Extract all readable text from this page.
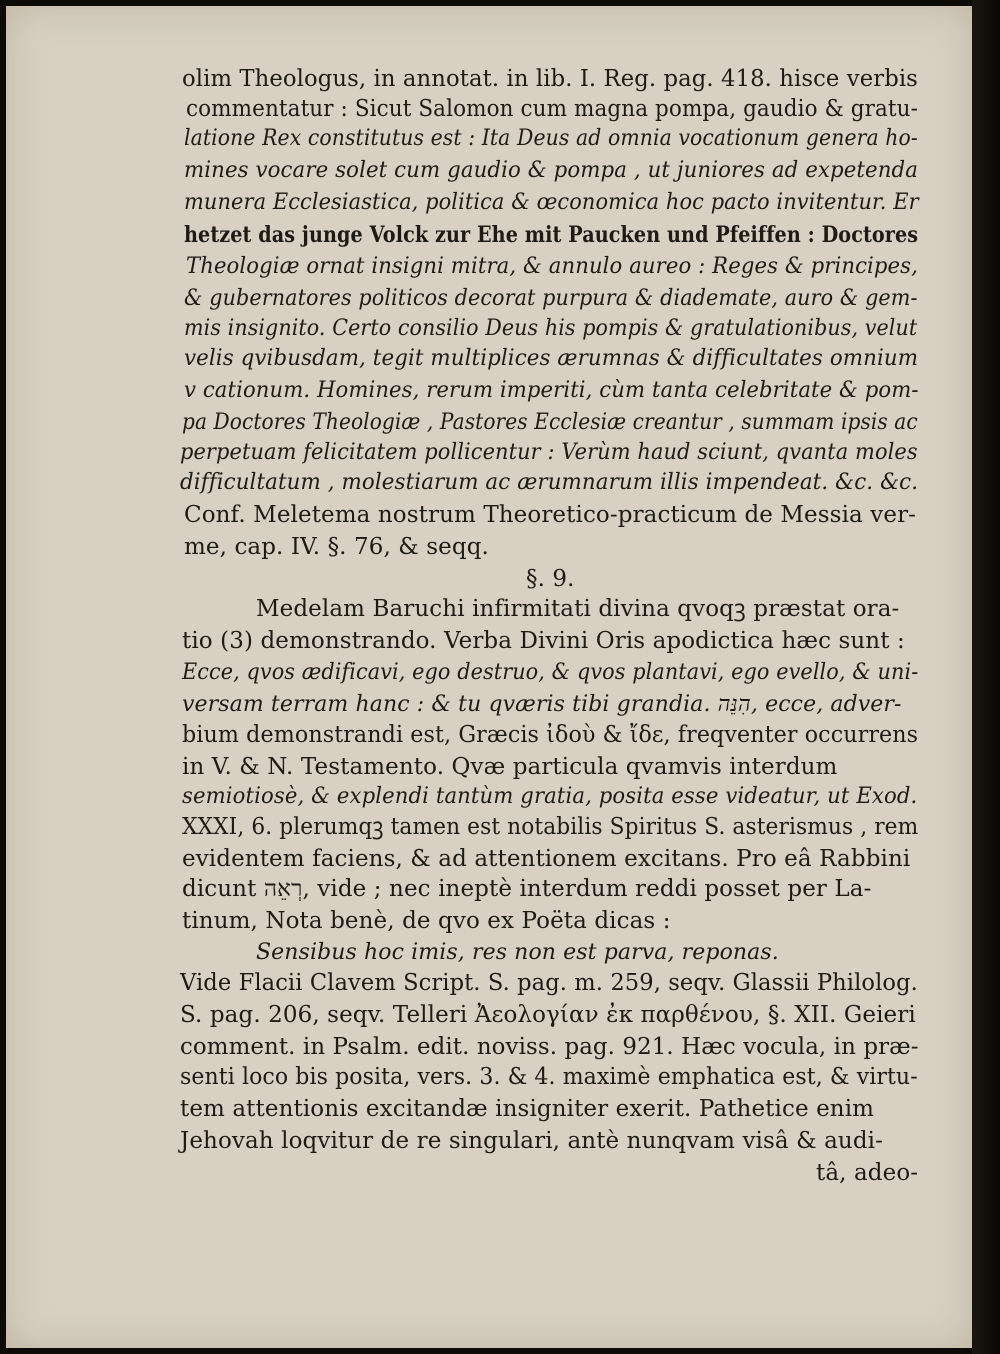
olim Theologus, in annotat. in lib. I. Reg. pag. 418. hisce verbis
commentatur : Sicut Salomon cum magna pompa, gaudio & gratu-
latione Rex constitutus est : Ita Deus ad omnia vocationum genera ho-
mines vocare solet cum gaudio & pompa , ut juniores ad expetenda
munera Ecclesiastica, politica & œconomica hoc pacto invitentur. Er
hetzet das junge Volck zur Ehe mit Paucken und Pfeiffen : Doctores
Theologiæ ornat insigni mitra, & annulo aureo : Reges & principes,
& gubernatores politicos decorat purpura & diademate, auro & gem-
mis insignito. Certo consilio Deus his pompis & gratulationibus, velut
velis qvibusdam, tegit multiplices ærumnas & difficultates omnium
v cationum. Homines, rerum imperiti, cùm tanta celebritate & pom-
pa Doctores Theologiæ , Pastores Ecclesiæ creantur , summam ipsis ac
perpetuam felicitatem pollicentur : Verùm haud sciunt, qvanta moles
difficultatum , molestiarum ac ærumnarum illis impendeat. &c. &c.
Conf. Meletema nostrum Theoretico-practicum de Messia ver-
me, cap. IV. §. 76, & seqq.
§. 9.
Medelam Baruchi infirmitati divina qvoqꝫ præstat ora-
tio (3) demonstrando. Verba Divini Oris apodictica hæc sunt :
Ecce, qvos ædificavi, ego destruo, & qvos plantavi, ego evello, & uni-
versam terram hanc : & tu qværis tibi grandia. הִנֵּה, ecce, adver-
bium demonstrandi est, Græcis ἰδοὺ & ἴδε, freqventer occurrens
in V. & N. Testamento. Qvæ particula qvamvis interdum
semiotiosè, & explendi tantùm gratia, posita esse videatur, ut Exod.
XXXI, 6. plerumqꝫ tamen est notabilis Spiritus S. asterismus , rem
evidentem faciens, & ad attentionem excitans. Pro eâ Rabbini
dicunt רְאֵה, vide ; nec ineptè interdum reddi posset per La-
tinum, Nota benè, de qvo ex Poëta dicas :
Sensibus hoc imis, res non est parva, reponas.
Vide Flacii Clavem Script. S. pag. m. 259, seqv. Glassii Philolog.
S. pag. 206, seqv. Telleri Ἀεολογίαν ἐκ παρθένου, §. XII. Geieri
comment. in Psalm. edit. noviss. pag. 921. Hæc vocula, in præ-
senti loco bis posita, vers. 3. & 4. maximè emphatica est, & virtu-
tem attentionis excitandæ insigniter exerit. Pathetice enim
Jehovah loqvitur de re singulari, antè nunqvam visâ & audi-
tâ, adeo-
